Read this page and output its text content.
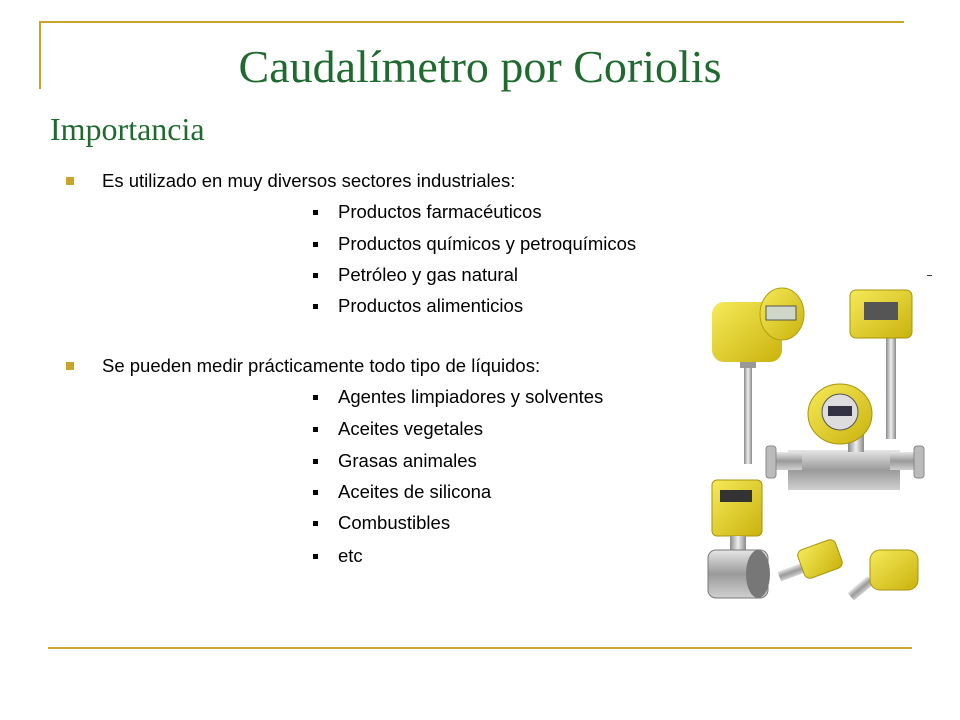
Caudalímetro por Coriolis
Importancia
Es utilizado en muy diversos sectores industriales:
Productos farmacéuticos
Productos químicos y petroquímicos
Petróleo y gas natural
Productos alimenticios
Se pueden medir prácticamente todo tipo de líquidos:
Agentes limpiadores y solventes
Aceites vegetales
Grasas animales
Aceites de silicona
Combustibles
etc
